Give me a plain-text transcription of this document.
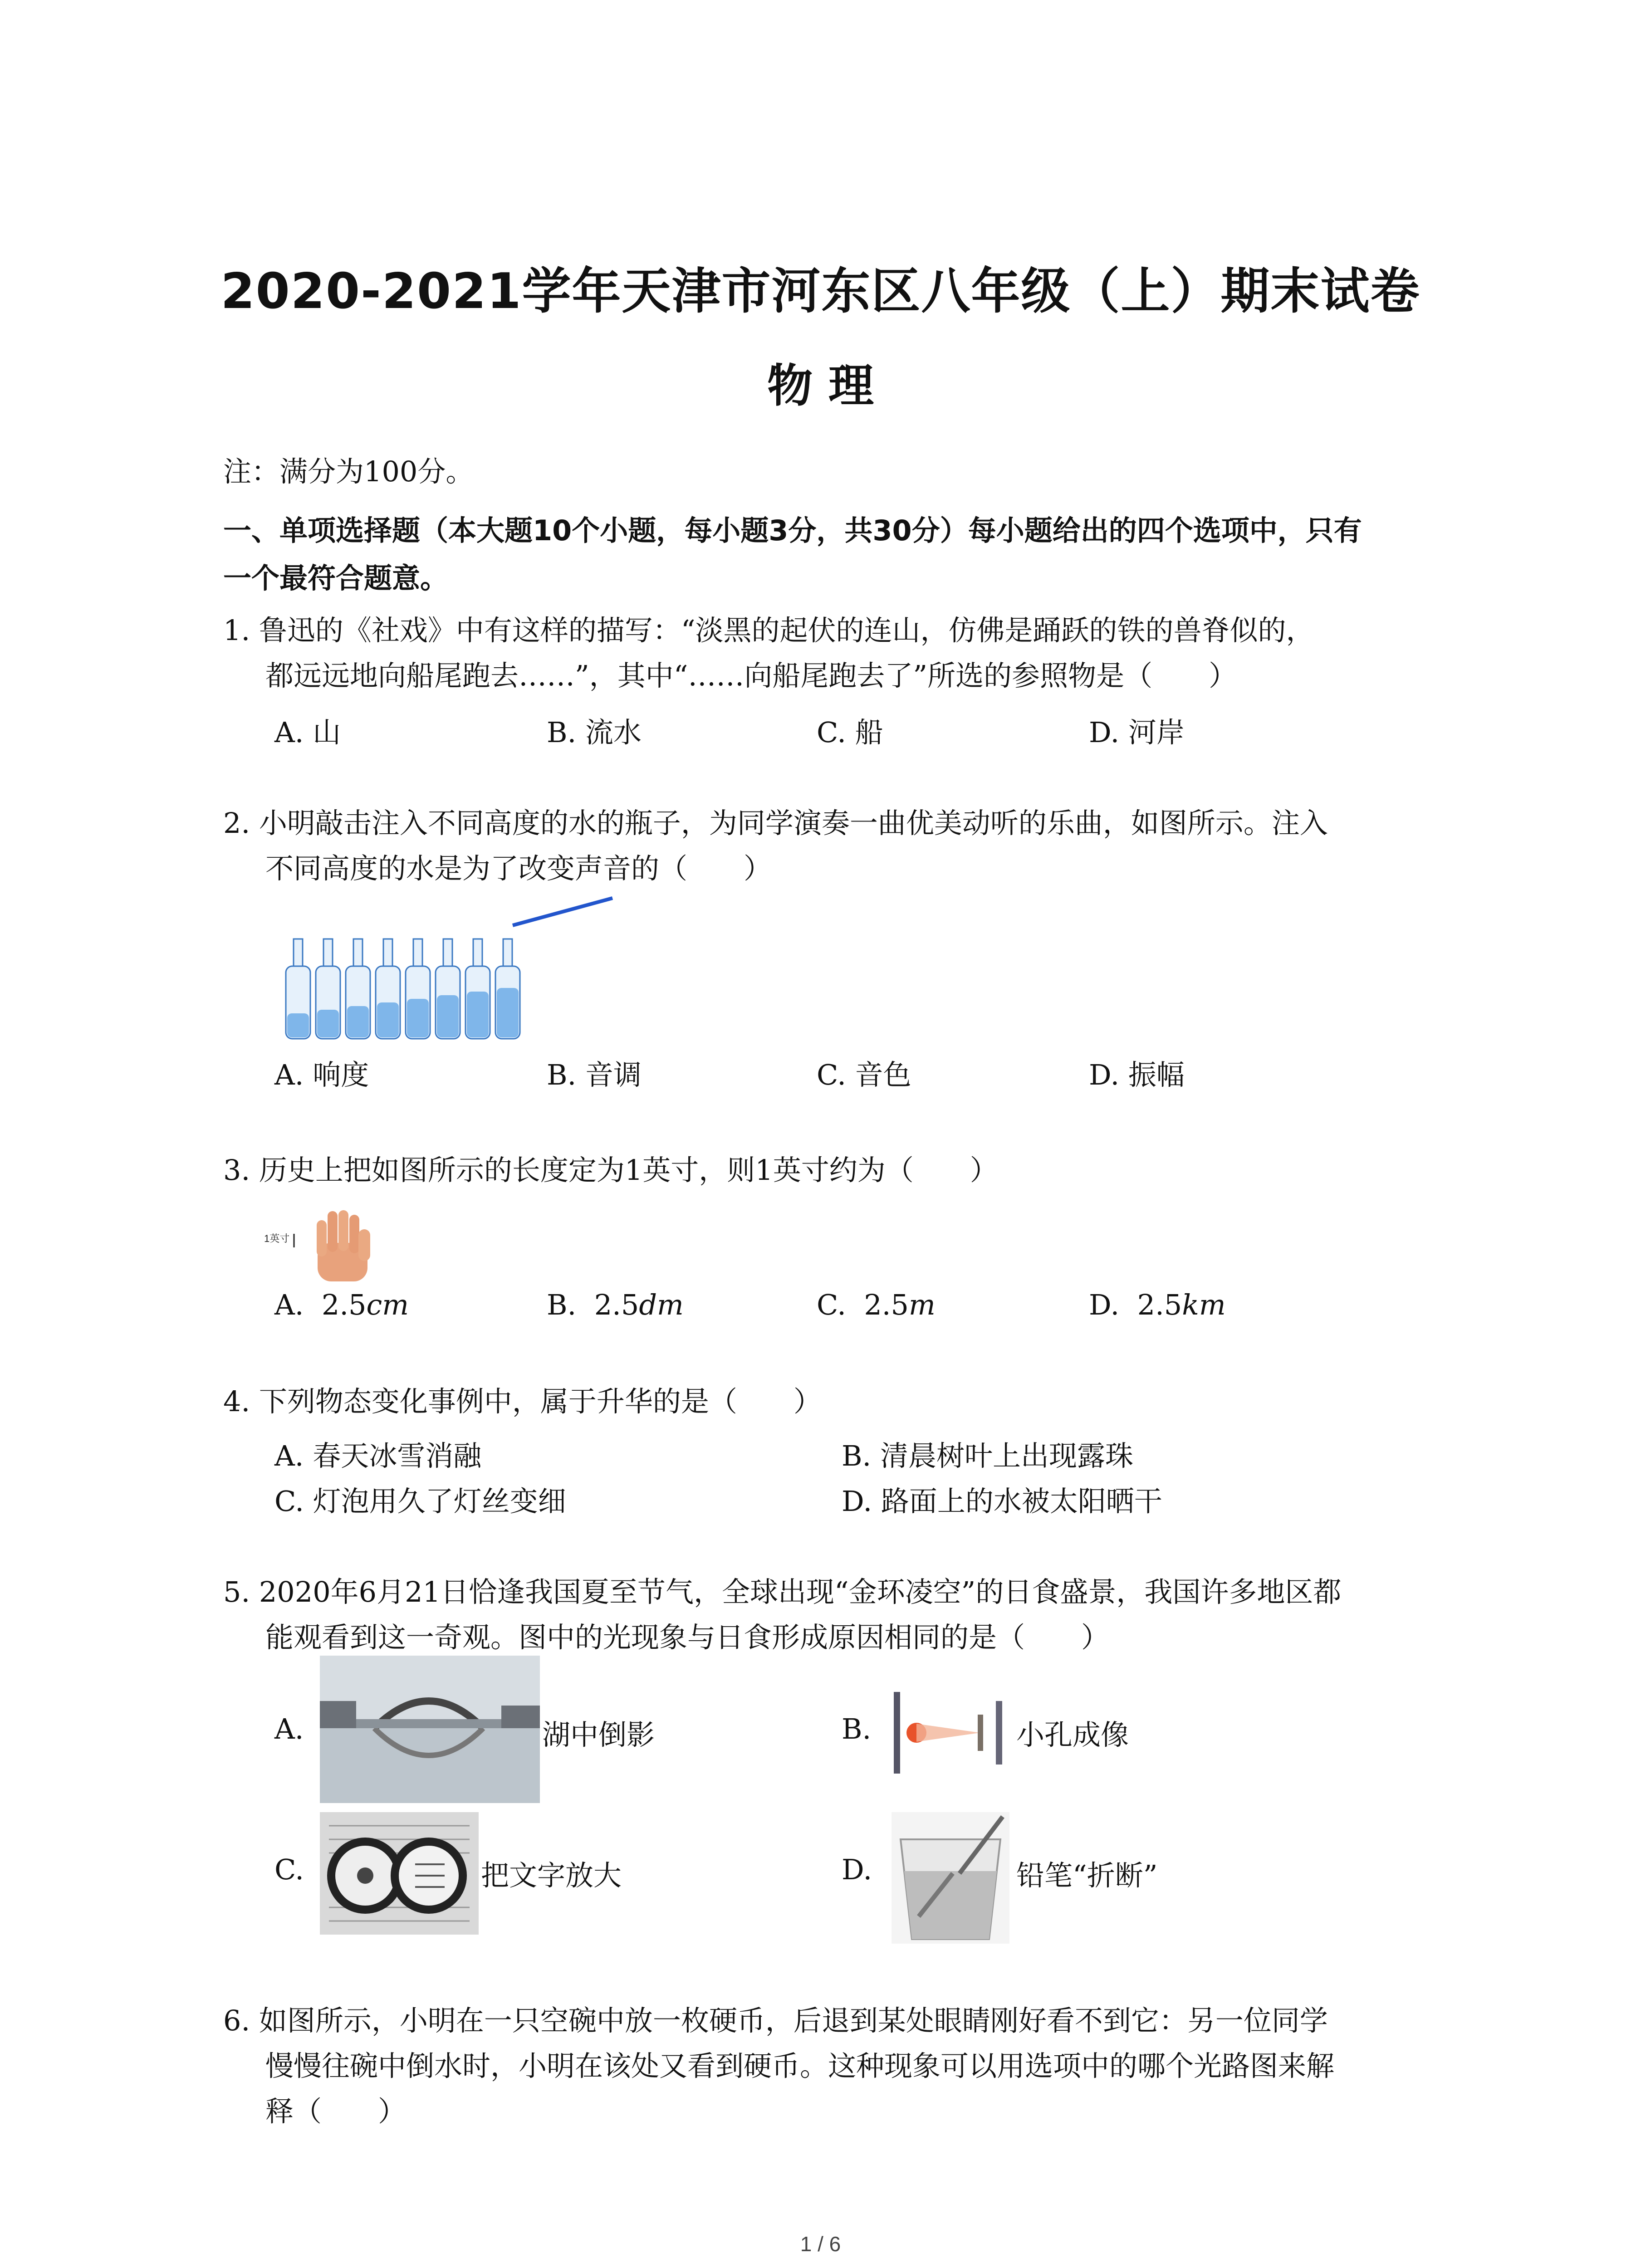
2020-2021学年天津市河东区八年级（上）期末试卷
物 理
注：满分为100分。
一、单项选择题（本大题10个小题，每小题3分，共30分）每小题给出的四个选项中，只有
一个最符合题意。
1. 鲁迅的《社戏》中有这样的描写：“淡黑的起伏的连山，仿佛是踊跃的铁的兽脊似的，
都远远地向船尾跑去……”，其中“……向船尾跑去了”所选的参照物是（　　）
A. 山	B. 流水	C. 船	D. 河岸
2. 小明敲击注入不同高度的水的瓶子，为同学演奏一曲优美动听的乐曲，如图所示。注入
不同高度的水是为了改变声音的（　　）
A. 响度	B. 音调	C. 音色	D. 振幅
3. 历史上把如图所示的长度定为1英寸，则1英寸约为（　　）
1英寸
A. 2.5cm	B. 2.5dm	C. 2.5m	D. 2.5km
4. 下列物态变化事例中，属于升华的是（　　）
A. 春天冰雪消融	B. 清晨树叶上出现露珠
C. 灯泡用久了灯丝变细	D. 路面上的水被太阳晒干
5. 2020年6月21日恰逢我国夏至节气，全球出现“金环凌空”的日食盛景，我国许多地区都
能观看到这一奇观。图中的光现象与日食形成原因相同的是（　　）
A.	湖中倒影	B.	小孔成像
C.	把文字放大	D.	铅笔“折断”
6. 如图所示，小明在一只空碗中放一枚硬币，后退到某处眼睛刚好看不到它：另一位同学
慢慢往碗中倒水时，小明在该处又看到硬币。这种现象可以用选项中的哪个光路图来解
释（　　）
1 / 6
